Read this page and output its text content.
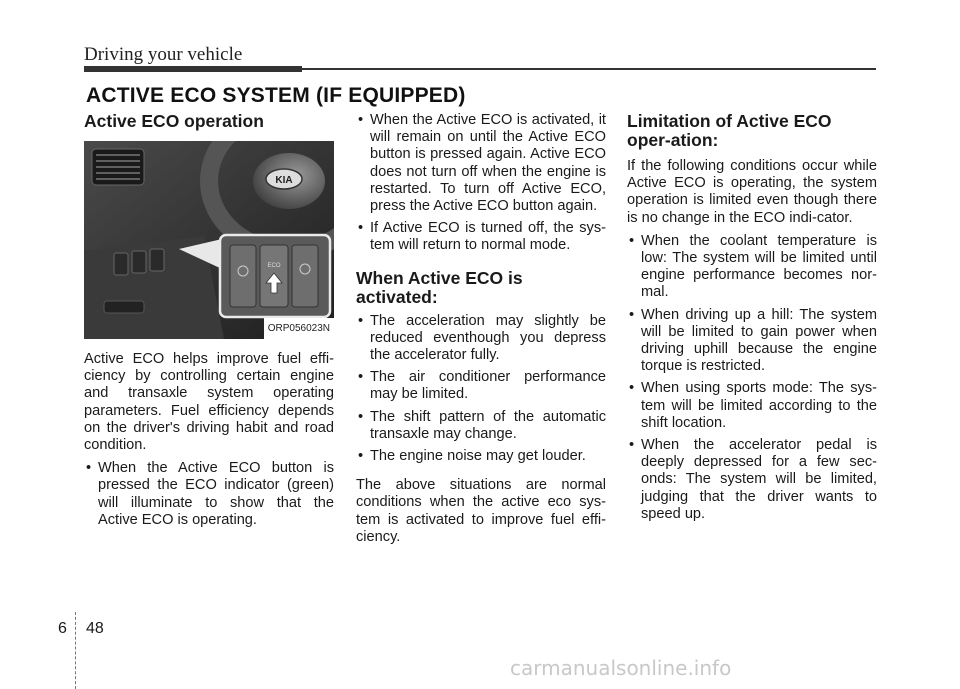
Driving your vehicle
ACTIVE ECO SYSTEM (IF EQUIPPED)
Active ECO operation
KIA
ECO
ORP056023N

Active ECO helps improve fuel effi-ciency by controlling certain engine and transaxle system operating parameters. Fuel efficiency depends on the driver's driving habit and road condition.

• When the Active ECO button is pressed the ECO indicator (green) will illuminate to show that the Active ECO is operating.
• When the Active ECO is activated, it will remain on until the Active ECO button is pressed again. Active ECO does not turn off when the engine is restarted. To turn off Active ECO, press the Active ECO button again.
• If Active ECO is turned off, the sys-tem will return to normal mode.
When Active ECO is activated:
• The acceleration may slightly be reduced eventhough you depress the accelerator fully.
• The air conditioner performance may be limited.
• The shift pattern of the automatic transaxle may change.
• The engine noise may get louder.

The above situations are normal conditions when the active eco sys-tem is activated to improve fuel effi-ciency.

Limitation of Active ECO oper-ation:

If the following conditions occur while Active ECO is operating, the system operation is limited even though there is no change in the ECO indi-cator.

• When the coolant temperature is low: The system will be limited until engine performance becomes nor-mal.
• When driving up a hill: The system will be limited to gain power when driving uphill because the engine torque is restricted.
• When using sports mode: The sys-tem will be limited according to the shift location.
• When the accelerator pedal is deeply depressed for a few sec-onds: The system will be limited, judging that the driver wants to speed up.
6 48
carmanualsonline.info
